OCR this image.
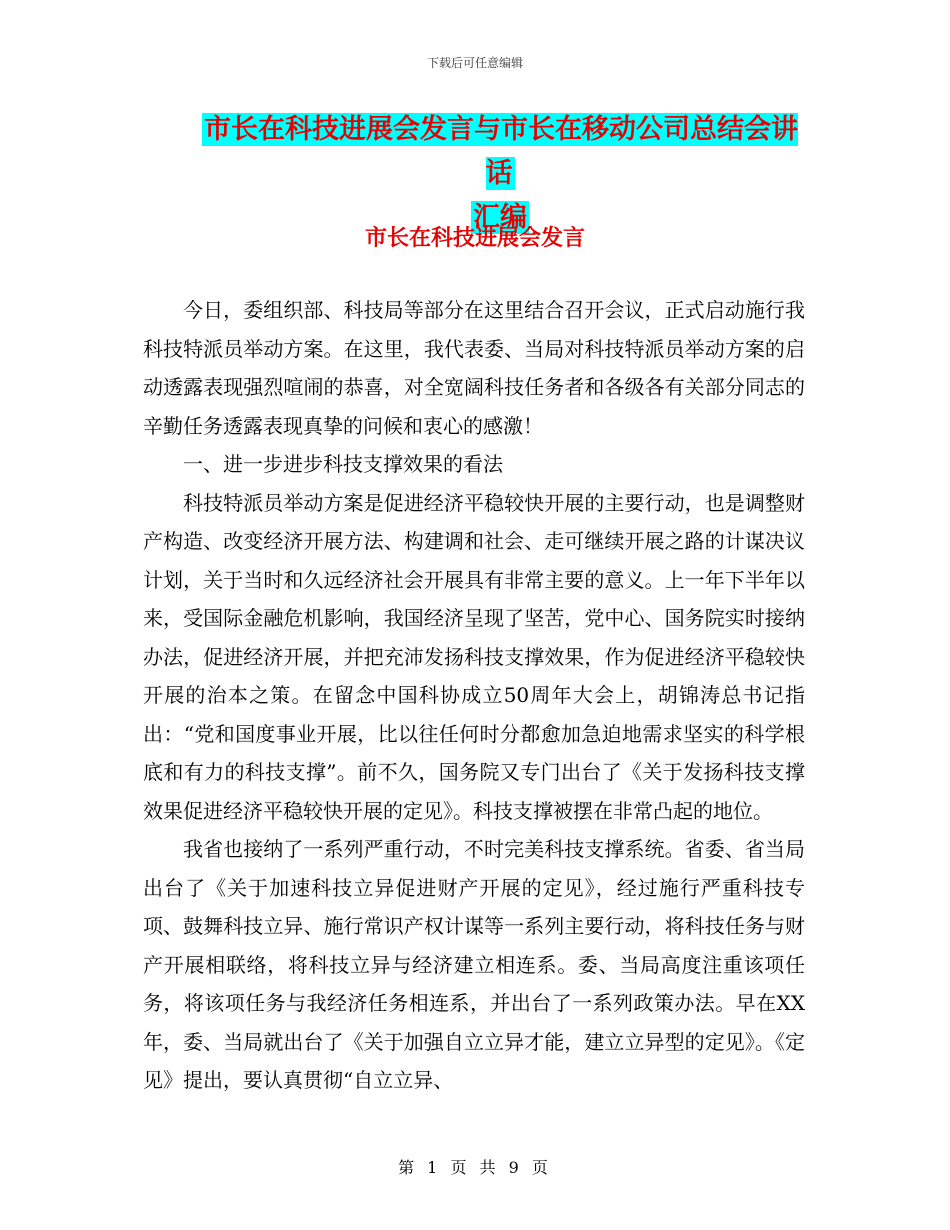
下载后可任意编辑
市长在科技进展会发言与市长在移动公司总结会讲话
汇编
市长在科技进展会发言

今日，委组织部、科技局等部分在这里结合召开会议，正式启动施行我科技特派员举动方案。在这里，我代表委、当局对科技特派员举动方案的启动透露表现强烈喧闹的恭喜，对全宽阔科技任务者和各级各有关部分同志的辛勤任务透露表现真挚的问候和衷心的感激！

一、进一步进步科技支撑效果的看法

科技特派员举动方案是促进经济平稳较快开展的主要行动，也是调整财产构造、改变经济开展方法、构建调和社会、走可继续开展之路的计谋决议计划，关于当时和久远经济社会开展具有非常主要的意义。上一年下半年以来，受国际金融危机影响，我国经济呈现了坚苦，党中心、国务院实时接纳办法，促进经济开展，并把充沛发扬科技支撑效果，作为促进经济平稳较快开展的治本之策。在留念中国科协成立50周年大会上，胡锦涛总书记指出：“党和国度事业开展，比以往任何时分都愈加急迫地需求坚实的科学根底和有力的科技支撑”。前不久，国务院又专门出台了《关于发扬科技支撑效果促进经济平稳较快开展的定见》。科技支撑被摆在非常凸起的地位。

我省也接纳了一系列严重行动，不时完美科技支撑系统。省委、省当局出台了《关于加速科技立异促进财产开展的定见》，经过施行严重科技专项、鼓舞科技立异、施行常识产权计谋等一系列主要行动，将科技任务与财产开展相联络，将科技立异与经济建立相连系。委、当局高度注重该项任务，将该项任务与我经济任务相连系，并出台了一系列政策办法。早在XX年，委、当局就出台了《关于加强自立立异才能，建立立异型的定见》。《定见》提出，要认真贯彻“自立立异、

第 1 页 共 9 页
